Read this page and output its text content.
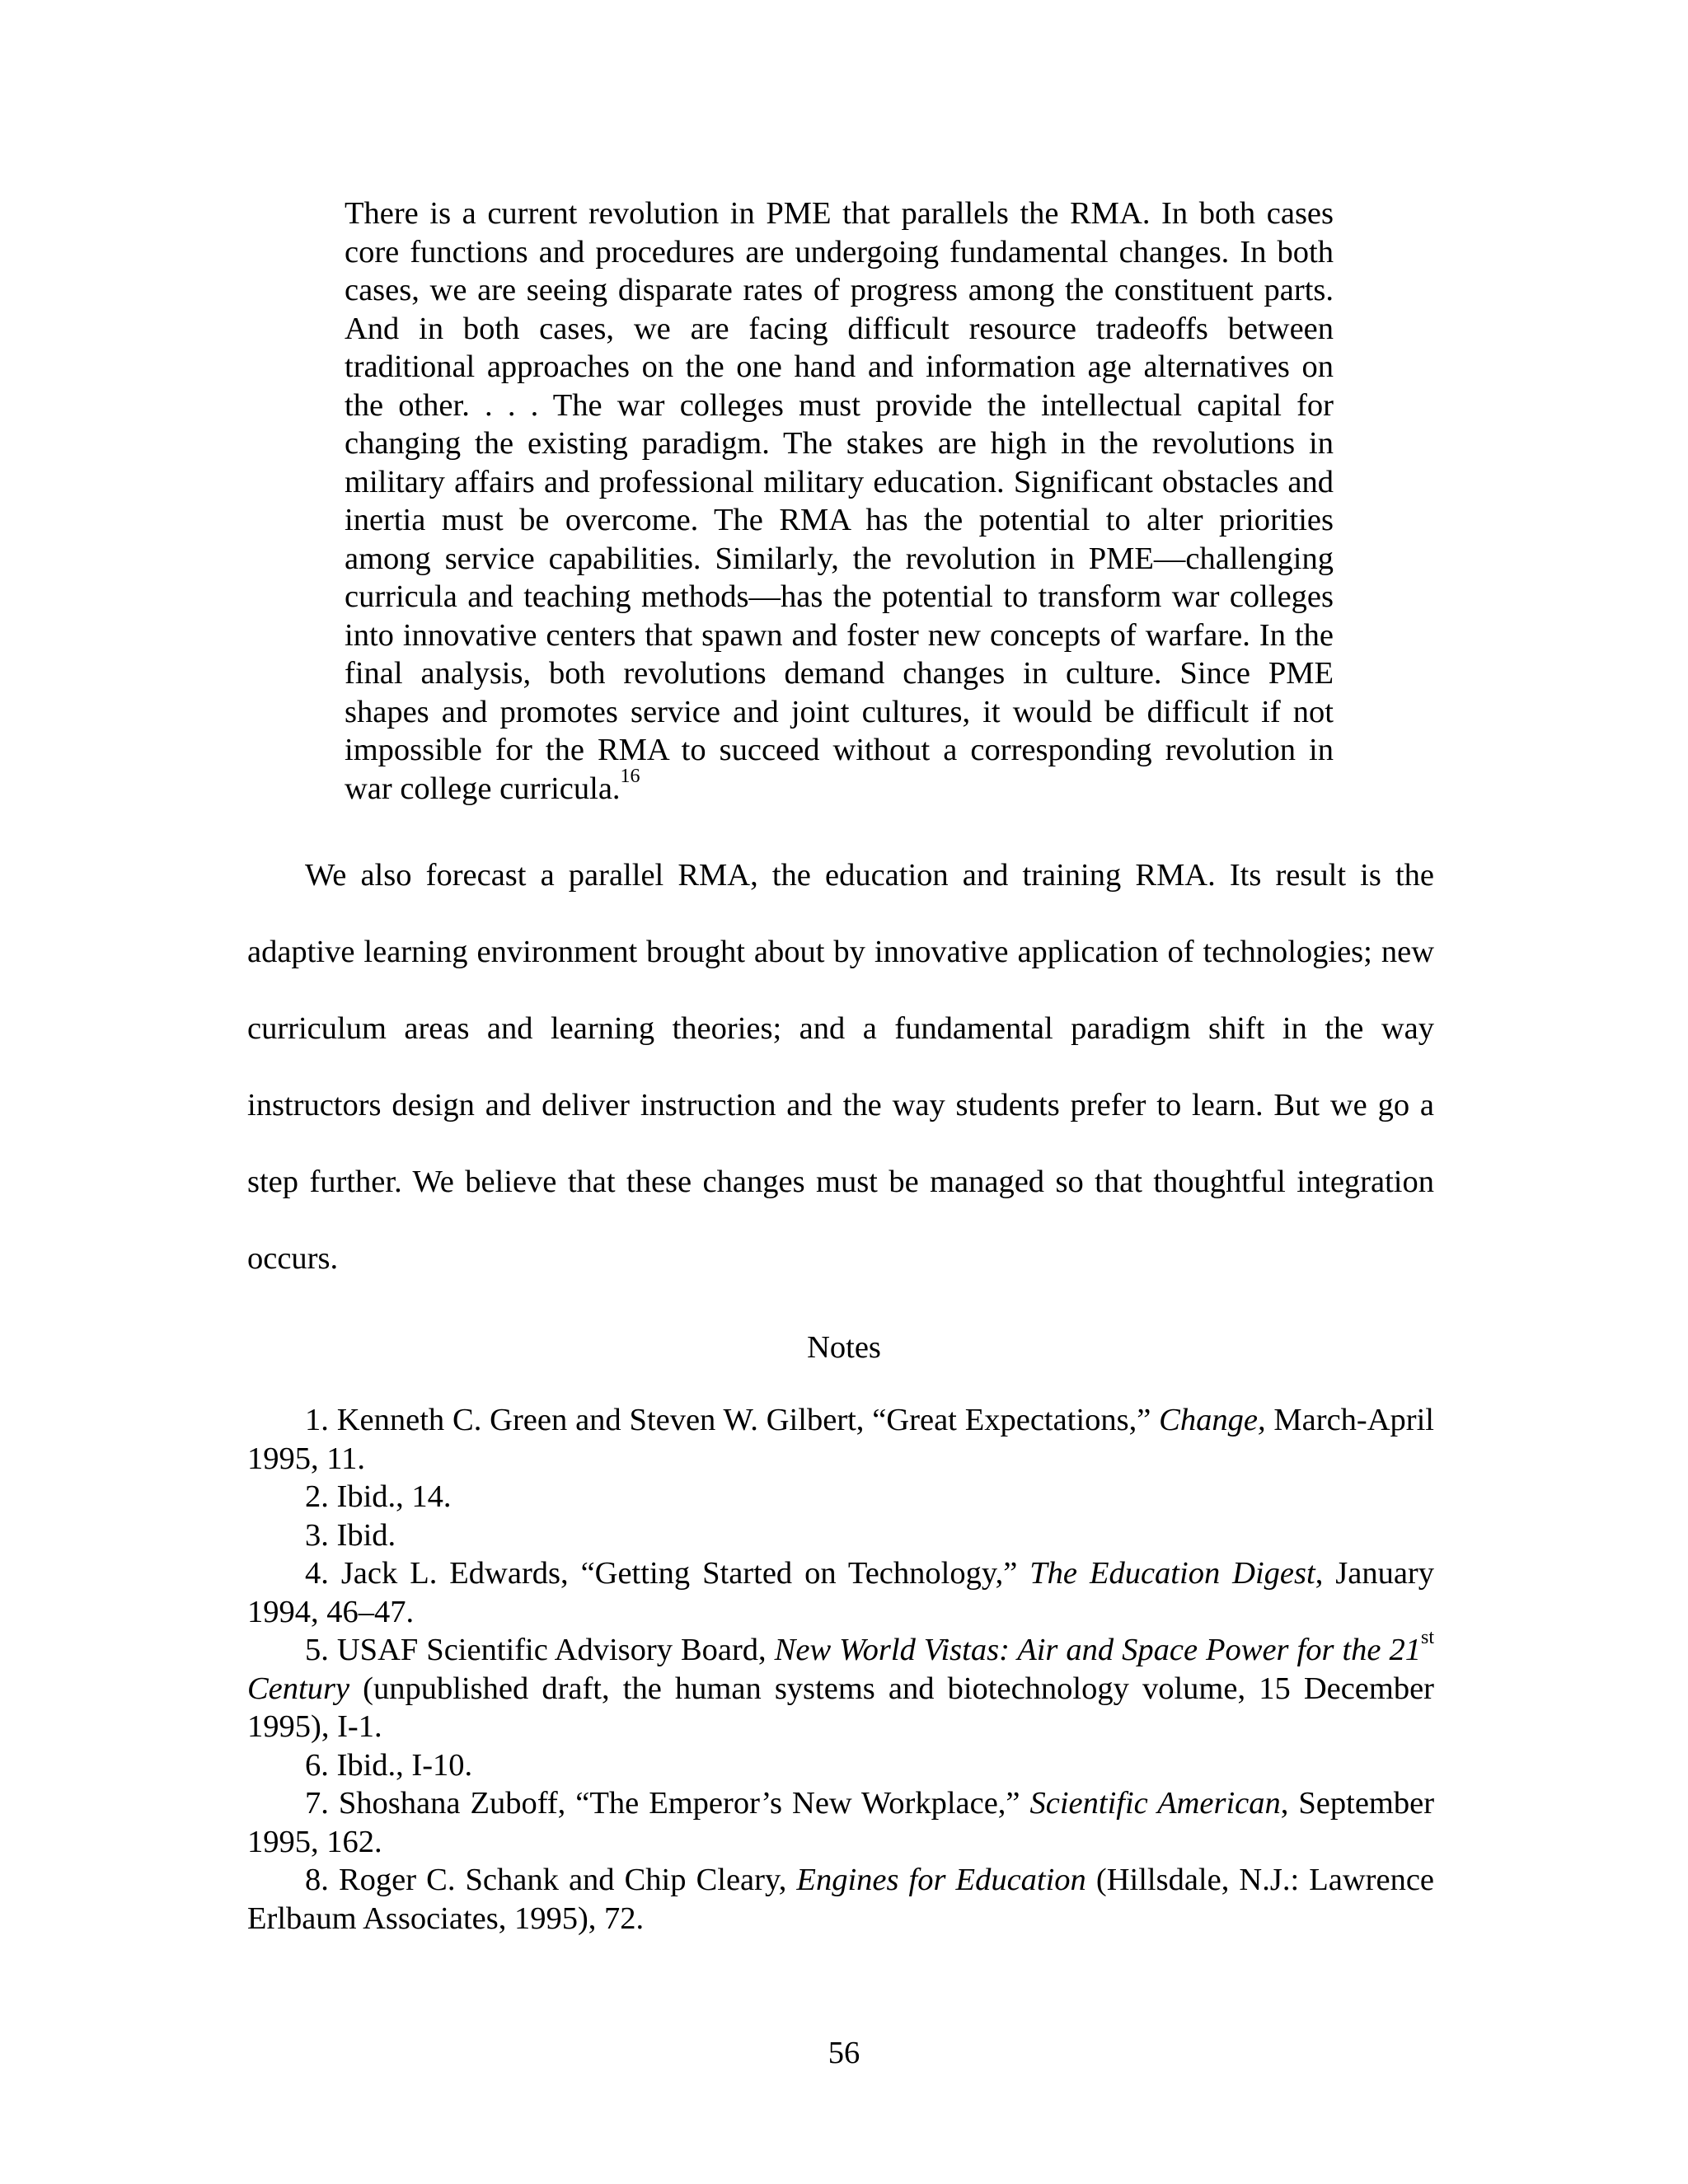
There is a current revolution in PME that parallels the RMA. In both cases core functions and procedures are undergoing fundamental changes. In both cases, we are seeing disparate rates of progress among the constituent parts. And in both cases, we are facing difficult resource tradeoffs between traditional approaches on the one hand and information age alternatives on the other. . . . The war colleges must provide the intellectual capital for changing the existing paradigm. The stakes are high in the revolutions in military affairs and professional military education. Significant obstacles and inertia must be overcome. The RMA has the potential to alter priorities among service capabilities. Similarly, the revolution in PME—challenging curricula and teaching methods—has the potential to transform war colleges into innovative centers that spawn and foster new concepts of warfare. In the final analysis, both revolutions demand changes in culture. Since PME shapes and promotes service and joint cultures, it would be difficult if not impossible for the RMA to succeed without a corresponding revolution in war college curricula.$^{16}$

We also forecast a parallel RMA, the education and training RMA. Its result is the adaptive learning environment brought about by innovative application of technologies; new curriculum areas and learning theories; and a fundamental paradigm shift in the way instructors design and deliver instruction and the way students prefer to learn. But we go a step further. We believe that these changes must be managed so that thoughtful integration occurs.

Notes

1. Kenneth C. Green and Steven W. Gilbert, “Great Expectations,” Change, March-April 1995, 11.

2. Ibid., 14.

3. Ibid.

4. Jack L. Edwards, “Getting Started on Technology,” The Education Digest, January 1994, 46–47.

5. USAF Scientific Advisory Board, New World Vistas: Air and Space Power for the 21st Century (unpublished draft, the human systems and biotechnology volume, 15 December 1995), I-1.

6. Ibid., I-10.

7. Shoshana Zuboff, “The Emperor’s New Workplace,” Scientific American, September 1995, 162.

8. Roger C. Schank and Chip Cleary, Engines for Education (Hillsdale, N.J.: Lawrence Erlbaum Associates, 1995), 72.

56
